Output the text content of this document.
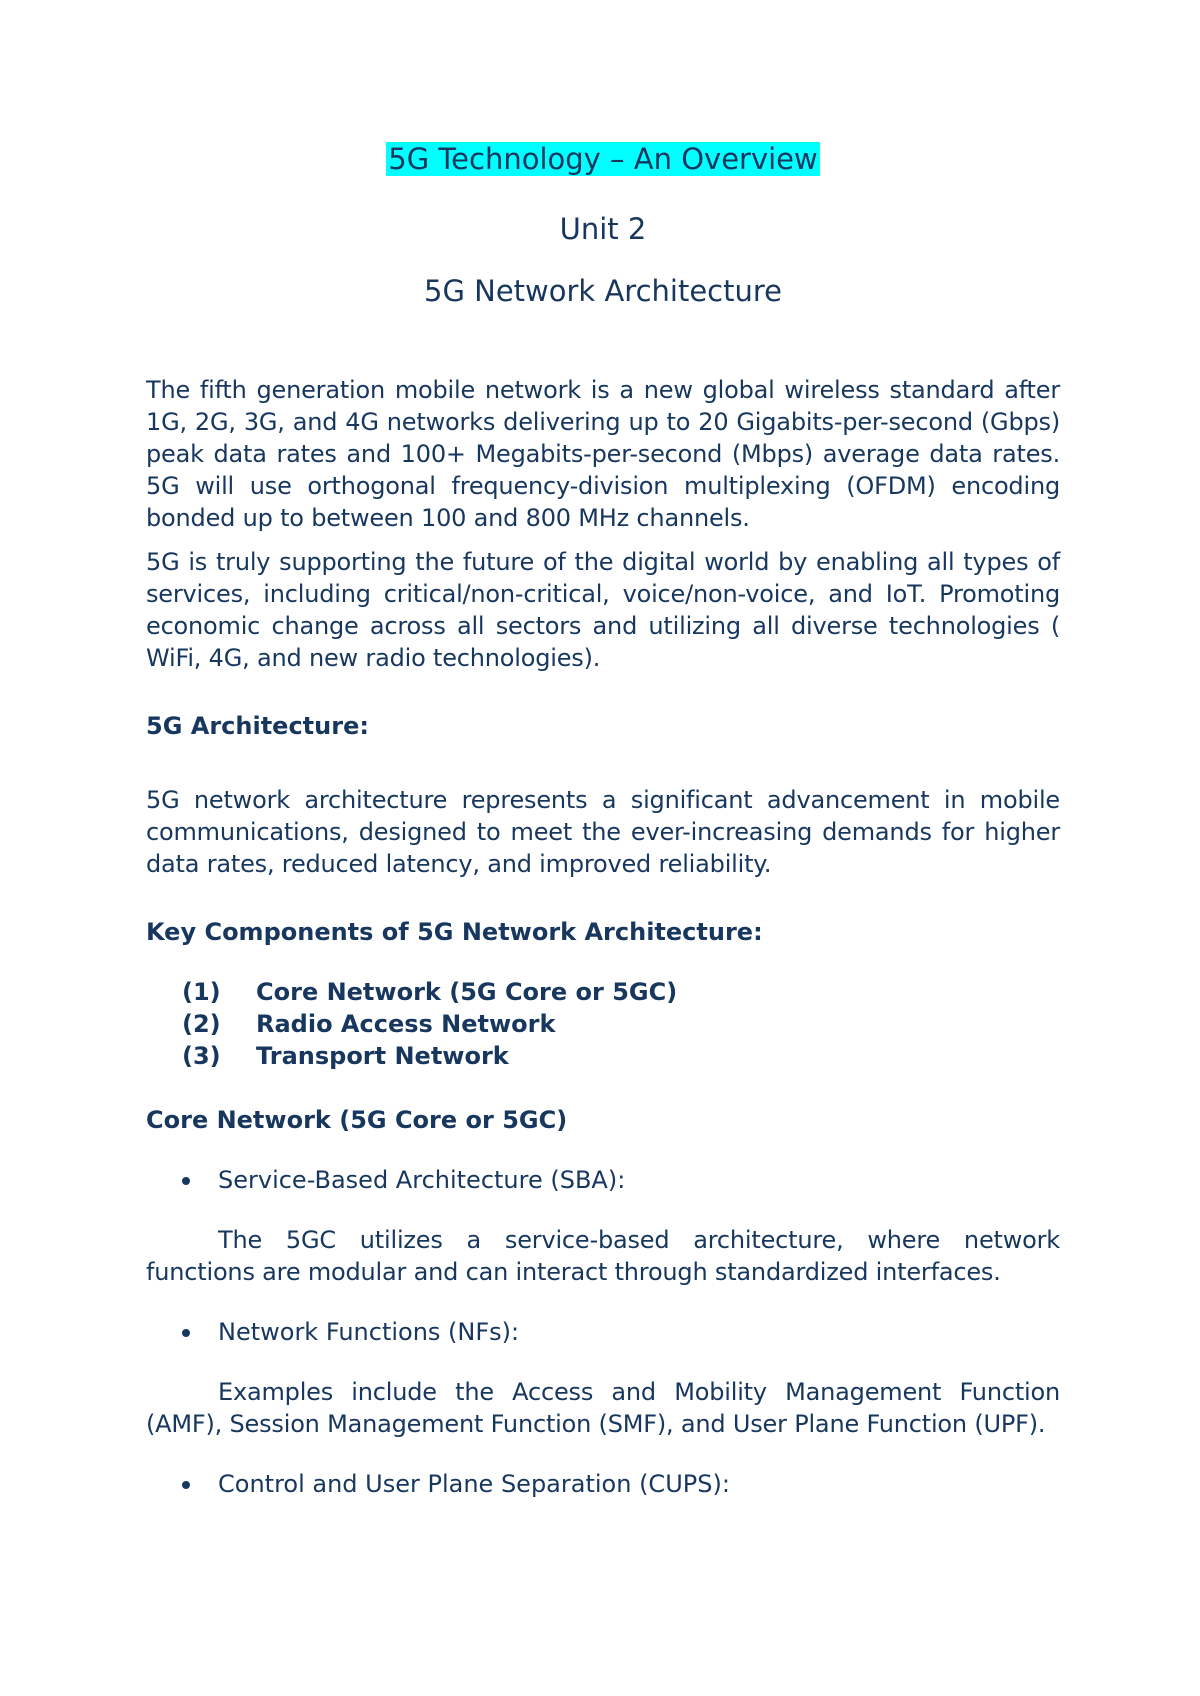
5G Technology – An Overview
Unit 2
5G Network Architecture

The fifth generation mobile network is a new global wireless standard after 1G, 2G, 3G, and 4G networks delivering up to 20 Gigabits-per-second (Gbps) peak data rates and 100+ Megabits-per-second (Mbps) average data rates. 5G will use orthogonal frequency-division multiplexing (OFDM) encoding bonded up to between 100 and 800 MHz channels.

5G is truly supporting the future of the digital world by enabling all types of services, including critical/non-critical, voice/non-voice, and IoT. Promoting economic change across all sectors and utilizing all diverse technologies ( WiFi, 4G, and new radio technologies).

5G Architecture:

5G network architecture represents a significant advancement in mobile communications, designed to meet the ever-increasing demands for higher data rates, reduced latency, and improved reliability.

Key Components of 5G Network Architecture:
(1)	Core Network (5G Core or 5GC)
(2)	Radio Access Network
(3)	Transport Network
Core Network (5G Core or 5GC)
Service-Based Architecture (SBA):

The 5GC utilizes a service-based architecture, where network functions are modular and can interact through standardized interfaces.

Network Functions (NFs):

Examples include the Access and Mobility Management Function (AMF), Session Management Function (SMF), and User Plane Function (UPF).

Control and User Plane Separation (CUPS):
